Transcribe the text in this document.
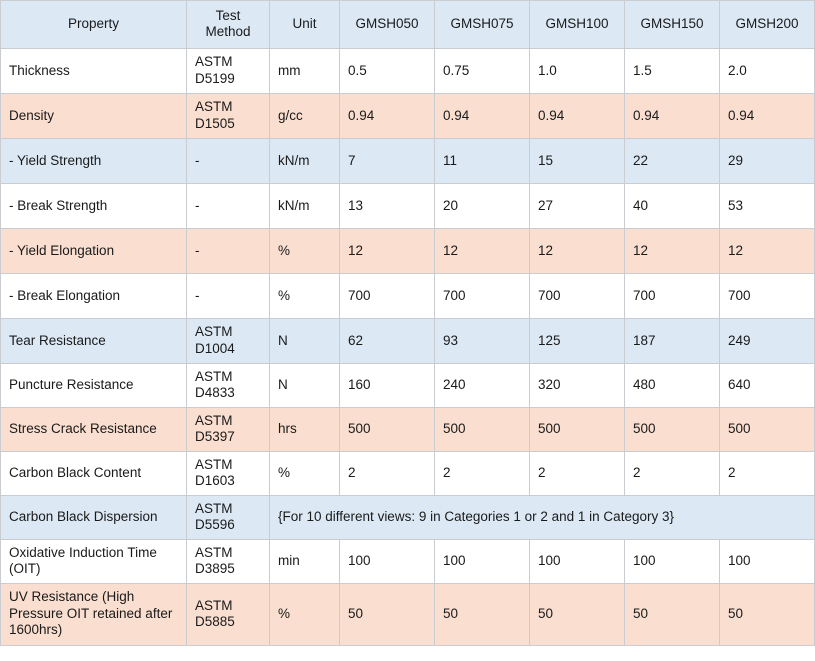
Property	Test Method	Unit	GMSH050	GMSH075	GMSH100	GMSH150	GMSH200
Thickness	ASTM D5199	mm	0.5	0.75	1.0	1.5	2.0
Density	ASTM D1505	g/cc	0.94	0.94	0.94	0.94	0.94
- Yield Strength	-	kN/m	7	11	15	22	29
- Break Strength	-	kN/m	13	20	27	40	53
- Yield Elongation	-	%	12	12	12	12	12
- Break Elongation	-	%	700	700	700	700	700
Tear Resistance	ASTM D1004	N	62	93	125	187	249
Puncture Resistance	ASTM D4833	N	160	240	320	480	640
Stress Crack Resistance	ASTM D5397	hrs	500	500	500	500	500
Carbon Black Content	ASTM D1603	%	2	2	2	2	2
Carbon Black Dispersion	ASTM D5596	{For 10 different views: 9 in Categories 1 or 2 and 1 in Category 3}					
Oxidative Induction Time (OIT)	ASTM D3895	min	100	100	100	100	100
UV Resistance (High Pressure OIT retained after 1600hrs)	ASTM D5885	%	50	50	50	50	50
